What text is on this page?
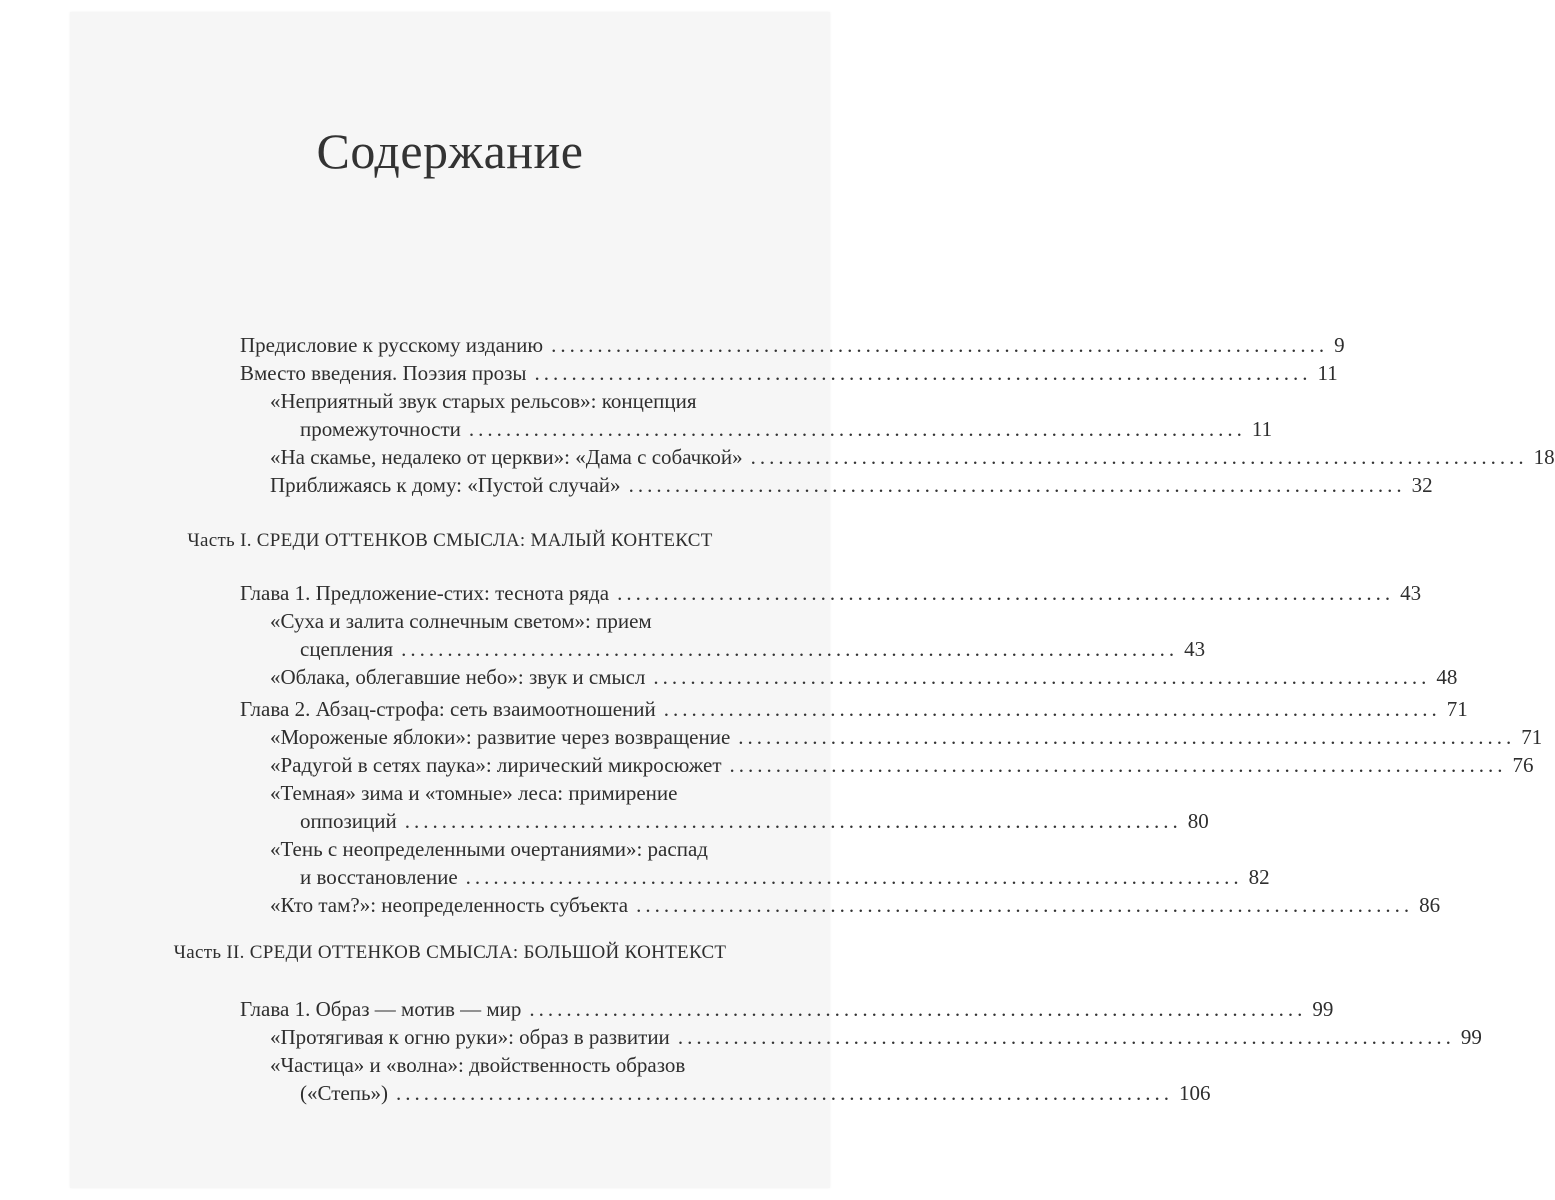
Содержание
Предисловие к русскому изданию .................................................................................... 9
Вместо введения. Поэзия прозы .................................................................................... 11
«Неприятный звук старых рельсов»: концепция
промежуточности .................................................................................... 11
«На скамье, недалеко от церкви»: «Дама с собачкой» .................................................................................... 18
Приближаясь к дому: «Пустой случай» .................................................................................... 32
Часть I. СРЕДИ ОТТЕНКОВ СМЫСЛА: МАЛЫЙ КОНТЕКСТ
Глава 1. Предложение-стих: теснота ряда .................................................................................... 43
«Суха и залита солнечным светом»: прием
сцепления .................................................................................... 43
«Облака, облегавшие небо»: звук и смысл .................................................................................... 48
Глава 2. Абзац-строфа: сеть взаимоотношений .................................................................................... 71
«Мороженые яблоки»: развитие через возвращение .................................................................................... 71
«Радугой в сетях паука»: лирический микросюжет .................................................................................... 76
«Темная» зима и «томные» леса: примирение
оппозиций .................................................................................... 80
«Тень с неопределенными очертаниями»: распад
и восстановление .................................................................................... 82
«Кто там?»: неопределенность субъекта .................................................................................... 86
Часть II. СРЕДИ ОТТЕНКОВ СМЫСЛА: БОЛЬШОЙ КОНТЕКСТ
Глава 1. Образ — мотив — мир .................................................................................... 99
«Протягивая к огню руки»: образ в развитии .................................................................................... 99
«Частица» и «волна»: двойственность образов
(«Степь») .................................................................................... 106
